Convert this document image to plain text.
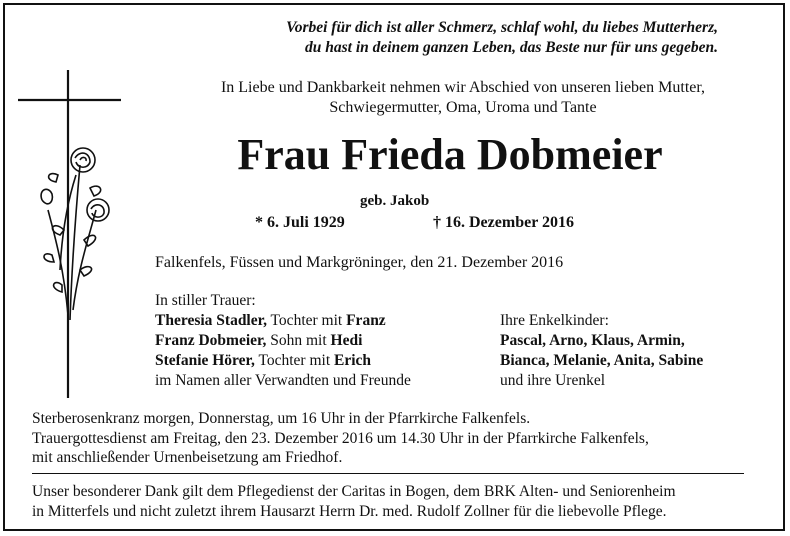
Vorbei für dich ist aller Schmerz, schlaf wohl, du liebes Mutterherz,
du hast in deinem ganzen Leben, das Beste nur für uns gegeben.
In Liebe und Dankbarkeit nehmen wir Abschied von unseren lieben Mutter,
Schwiegermutter, Oma, Uroma und Tante
Frau Frieda Dobmeier
geb. Jakob
* 6. Juli 1929	† 16. Dezember 2016
Falkenfels, Füssen und Markgröninger, den 21. Dezember 2016
In stiller Trauer:
Theresia Stadler, Tochter mit Franz
Franz Dobmeier, Sohn mit Hedi
Stefanie Hörer, Tochter mit Erich
im Namen aller Verwandten und Freunde
Ihre Enkelkinder:
Pascal, Arno, Klaus, Armin,
Bianca, Melanie, Anita, Sabine
und ihre Urenkel
Sterberosenkranz morgen, Donnerstag, um 16 Uhr in der Pfarrkirche Falkenfels.
Trauergottesdienst am Freitag, den 23. Dezember 2016 um 14.30 Uhr in der Pfarrkirche Falkenfels,
mit anschließender Urnenbeisetzung am Friedhof.
Unser besonderer Dank gilt dem Pflegedienst der Caritas in Bogen, dem BRK Alten- und Seniorenheim
in Mitterfels und nicht zuletzt ihrem Hausarzt Herrn Dr. med. Rudolf Zollner für die liebevolle Pflege.
